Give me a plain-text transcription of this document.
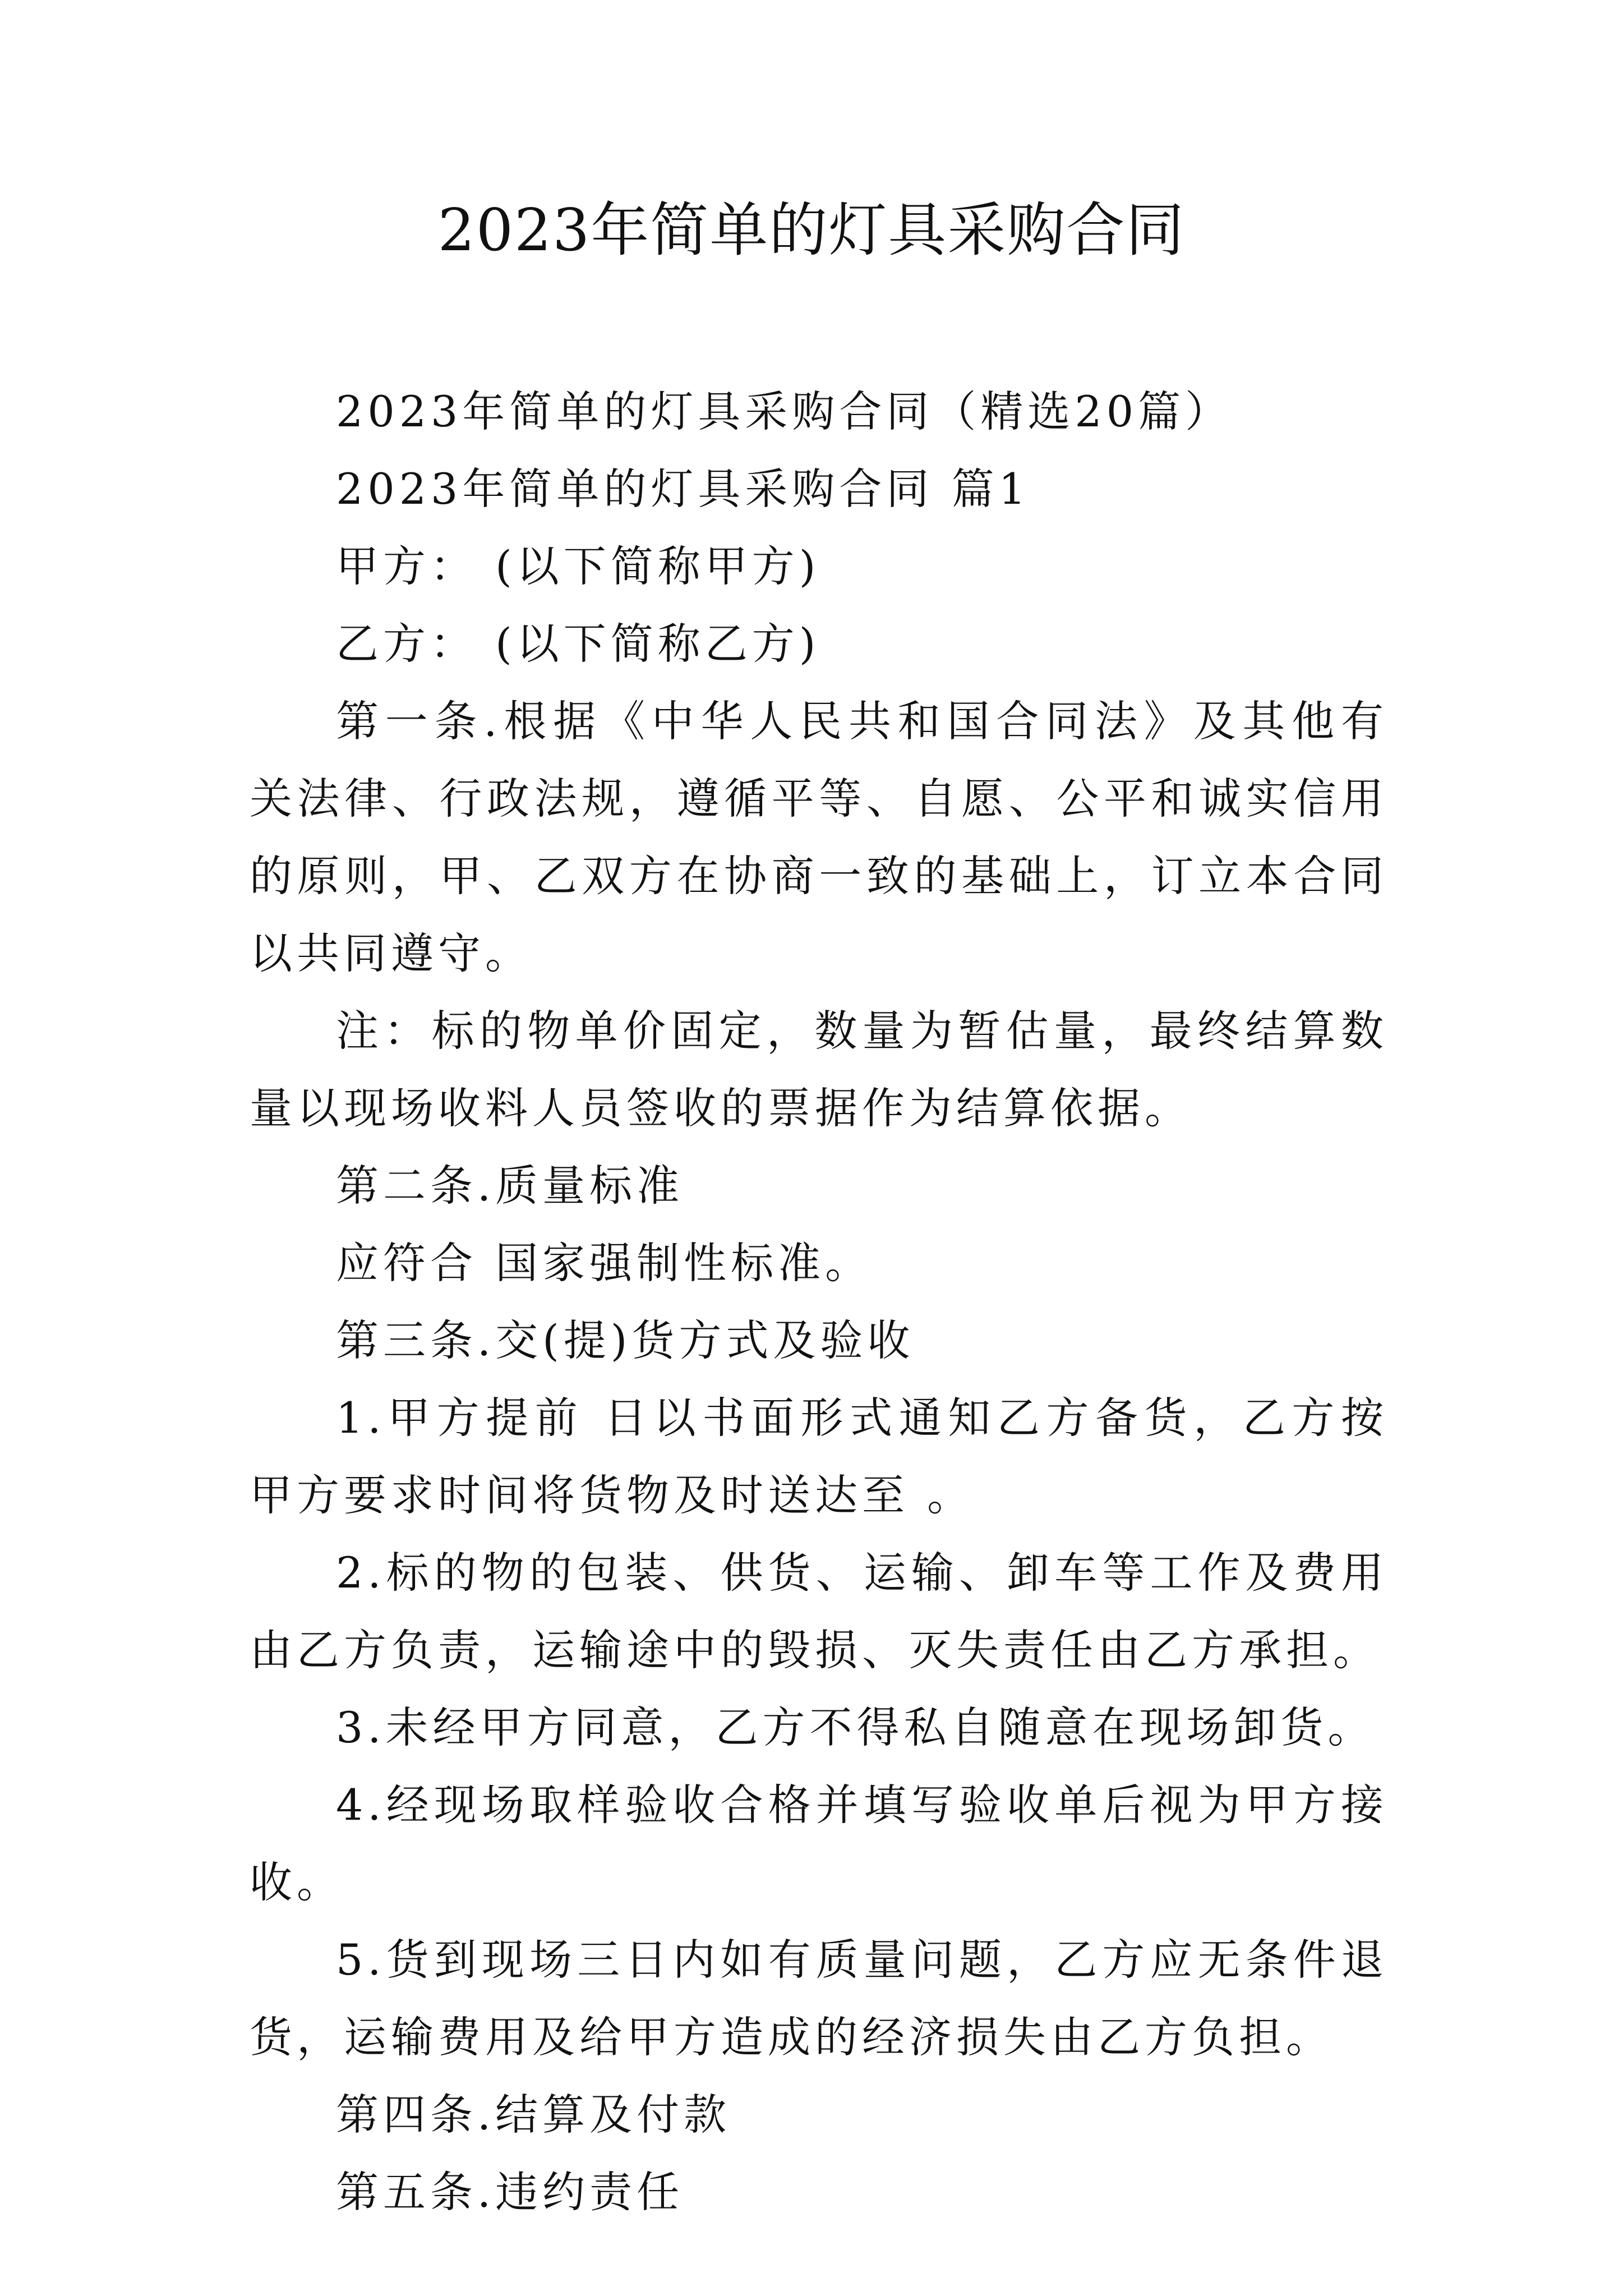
2023年简单的灯具采购合同

2023年简单的灯具采购合同（精选20篇）

2023年简单的灯具采购合同 篇1

甲方： (以下简称甲方)

乙方： (以下简称乙方)

第一条.根据《中华人民共和国合同法》及其他有关法律、行政法规，遵循平等、自愿、公平和诚实信用的原则，甲、乙双方在协商一致的基础上，订立本合同以共同遵守。

注：标的物单价固定，数量为暂估量，最终结算数量以现场收料人员签收的票据作为结算依据。

第二条.质量标准

应符合 国家强制性标准。

第三条.交(提)货方式及验收

1.甲方提前 日以书面形式通知乙方备货，乙方按甲方要求时间将货物及时送达至 。

2.标的物的包装、供货、运输、卸车等工作及费用由乙方负责，运输途中的毁损、灭失责任由乙方承担。

3.未经甲方同意，乙方不得私自随意在现场卸货。

4.经现场取样验收合格并填写验收单后视为甲方接收。

5.货到现场三日内如有质量问题，乙方应无条件退货，运输费用及给甲方造成的经济损失由乙方负担。

第四条.结算及付款

第五条.违约责任
